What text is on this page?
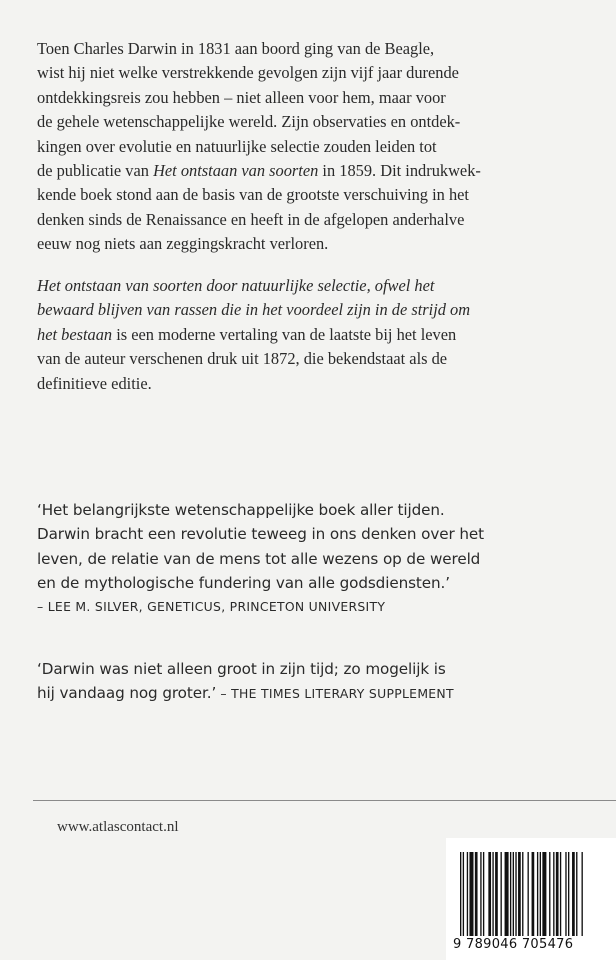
Toen Charles Darwin in 1831 aan boord ging van de Beagle,
wist hij niet welke verstrekkende gevolgen zijn vijf jaar durende
ontdekkingsreis zou hebben – niet alleen voor hem, maar voor
de gehele wetenschappelijke wereld. Zijn observaties en ontdek-
kingen over evolutie en natuurlijke selectie zouden leiden tot
de publicatie van Het ontstaan van soorten in 1859. Dit indrukwek-
kende boek stond aan de basis van de grootste verschuiving in het
denken sinds de Renaissance en heeft in de afgelopen anderhalve
eeuw nog niets aan zeggingskracht verloren.
Het ontstaan van soorten door natuurlijke selectie, ofwel het
bewaard blijven van rassen die in het voordeel zijn in de strijd om
het bestaan is een moderne vertaling van de laatste bij het leven
van de auteur verschenen druk uit 1872, die bekendstaat als de
definitieve editie.
‘Het belangrijkste wetenschappelijke boek aller tijden.
Darwin bracht een revolutie teweeg in ons denken over het
leven, de relatie van de mens tot alle wezens op de wereld
en de mythologische fundering van alle godsdiensten.’
– LEE M. SILVER, GENETICUS, PRINCETON UNIVERSITY
‘Darwin was niet alleen groot in zijn tijd; zo mogelijk is
hij vandaag nog groter.’ – THE TIMES LITERARY SUPPLEMENT
www.atlascontact.nl
9 789046 705476
